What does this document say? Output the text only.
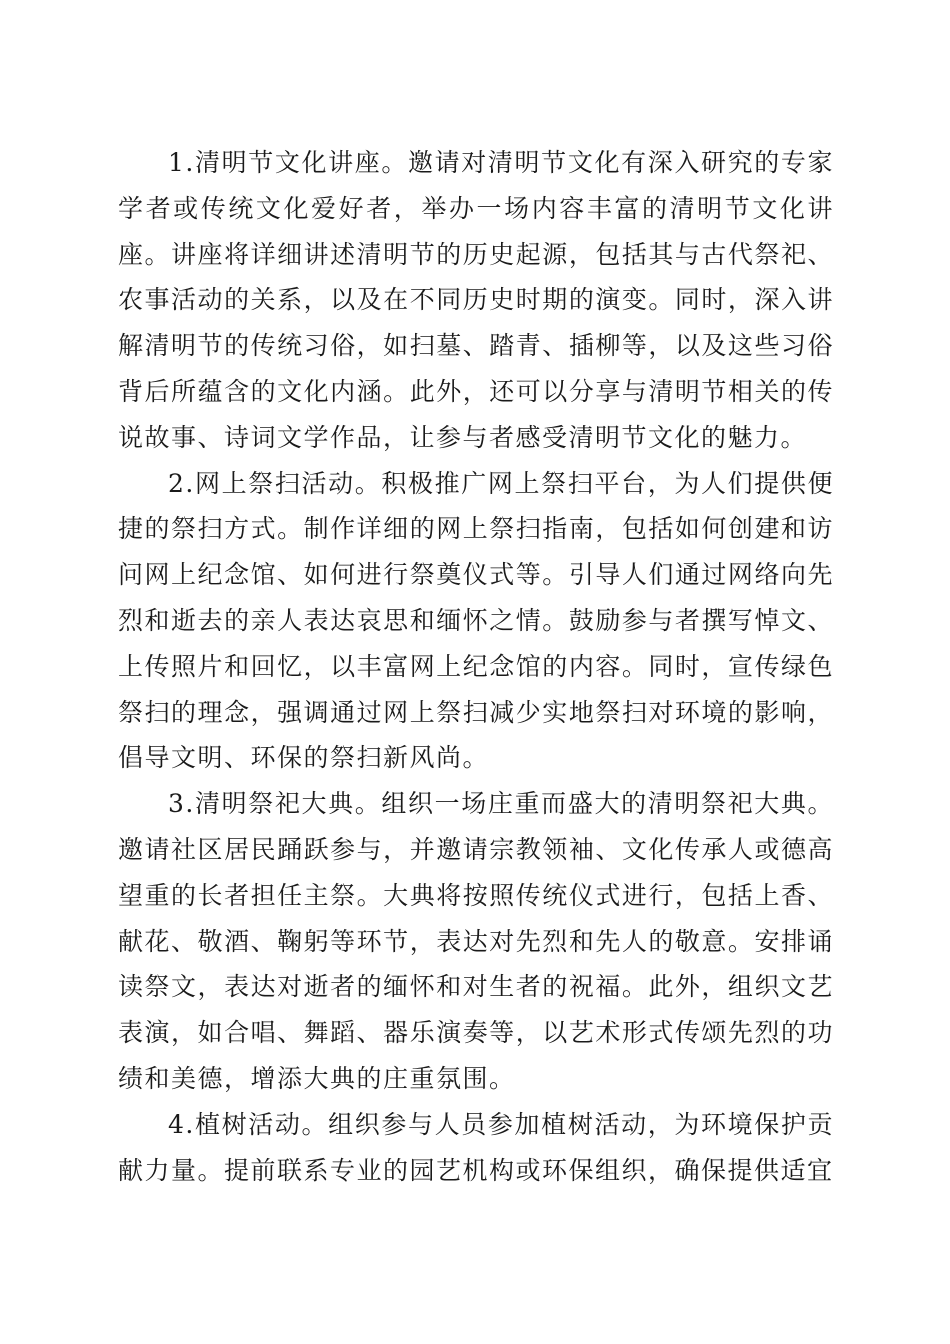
1.清明节文化讲座。邀请对清明节文化有深入研究的专家学者或传统文化爱好者，举办一场内容丰富的清明节文化讲座。讲座将详细讲述清明节的历史起源，包括其与古代祭祀、农事活动的关系，以及在不同历史时期的演变。同时，深入讲解清明节的传统习俗，如扫墓、踏青、插柳等，以及这些习俗背后所蕴含的文化内涵。此外，还可以分享与清明节相关的传说故事、诗词文学作品，让参与者感受清明节文化的魅力。

2.网上祭扫活动。积极推广网上祭扫平台，为人们提供便捷的祭扫方式。制作详细的网上祭扫指南，包括如何创建和访问网上纪念馆、如何进行祭奠仪式等。引导人们通过网络向先烈和逝去的亲人表达哀思和缅怀之情。鼓励参与者撰写悼文、上传照片和回忆，以丰富网上纪念馆的内容。同时，宣传绿色祭扫的理念，强调通过网上祭扫减少实地祭扫对环境的影响，倡导文明、环保的祭扫新风尚。

3.清明祭祀大典。组织一场庄重而盛大的清明祭祀大典。邀请社区居民踊跃参与，并邀请宗教领袖、文化传承人或德高望重的长者担任主祭。大典将按照传统仪式进行，包括上香、献花、敬酒、鞠躬等环节，表达对先烈和先人的敬意。安排诵读祭文，表达对逝者的缅怀和对生者的祝福。此外，组织文艺表演，如合唱、舞蹈、器乐演奏等，以艺术形式传颂先烈的功绩和美德，增添大典的庄重氛围。

4.植树活动。组织参与人员参加植树活动，为环境保护贡献力量。提前联系专业的园艺机构或环保组织，确保提供适宜
